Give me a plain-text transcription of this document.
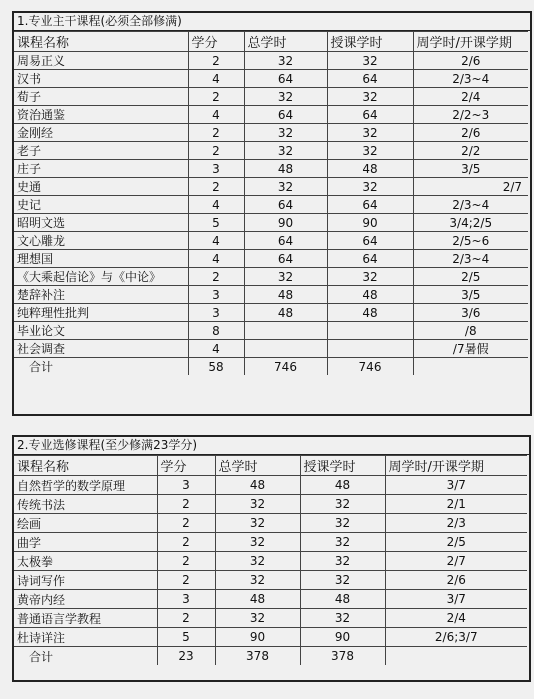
1.专业主干课程(必须全部修满)
课程名称	学分	总学时	授课学时	周学时/开课学期
周易正义	2	32	32	2/6
汉书	4	64	64	2/3~4
荀子	2	32	32	2/4
资治通鉴	4	64	64	2/2~3
金刚经	2	32	32	2/6
老子	2	32	32	2/2
庄子	3	48	48	3/5
史通	2	32	32	2/7
史记	4	64	64	2/3~4
昭明文选	5	90	90	3/4;2/5
文心雕龙	4	64	64	2/5~6
理想国	4	64	64	2/3~4
《大乘起信论》与《中论》	2	32	32	2/5
楚辞补注	3	48	48	3/5
纯粹理性批判	3	48	48	3/6
毕业论文	8			/8
社会调查	4			/7暑假
合计	58	746	746	
2.专业选修课程(至少修满23学分)
课程名称	学分	总学时	授课学时	周学时/开课学期
自然哲学的数学原理	3	48	48	3/7
传统书法	2	32	32	2/1
绘画	2	32	32	2/3
曲学	2	32	32	2/5
太极拳	2	32	32	2/7
诗词写作	2	32	32	2/6
黄帝内经	3	48	48	3/7
普通语言学教程	2	32	32	2/4
杜诗详注	5	90	90	2/6;3/7
合计	23	378	378	
